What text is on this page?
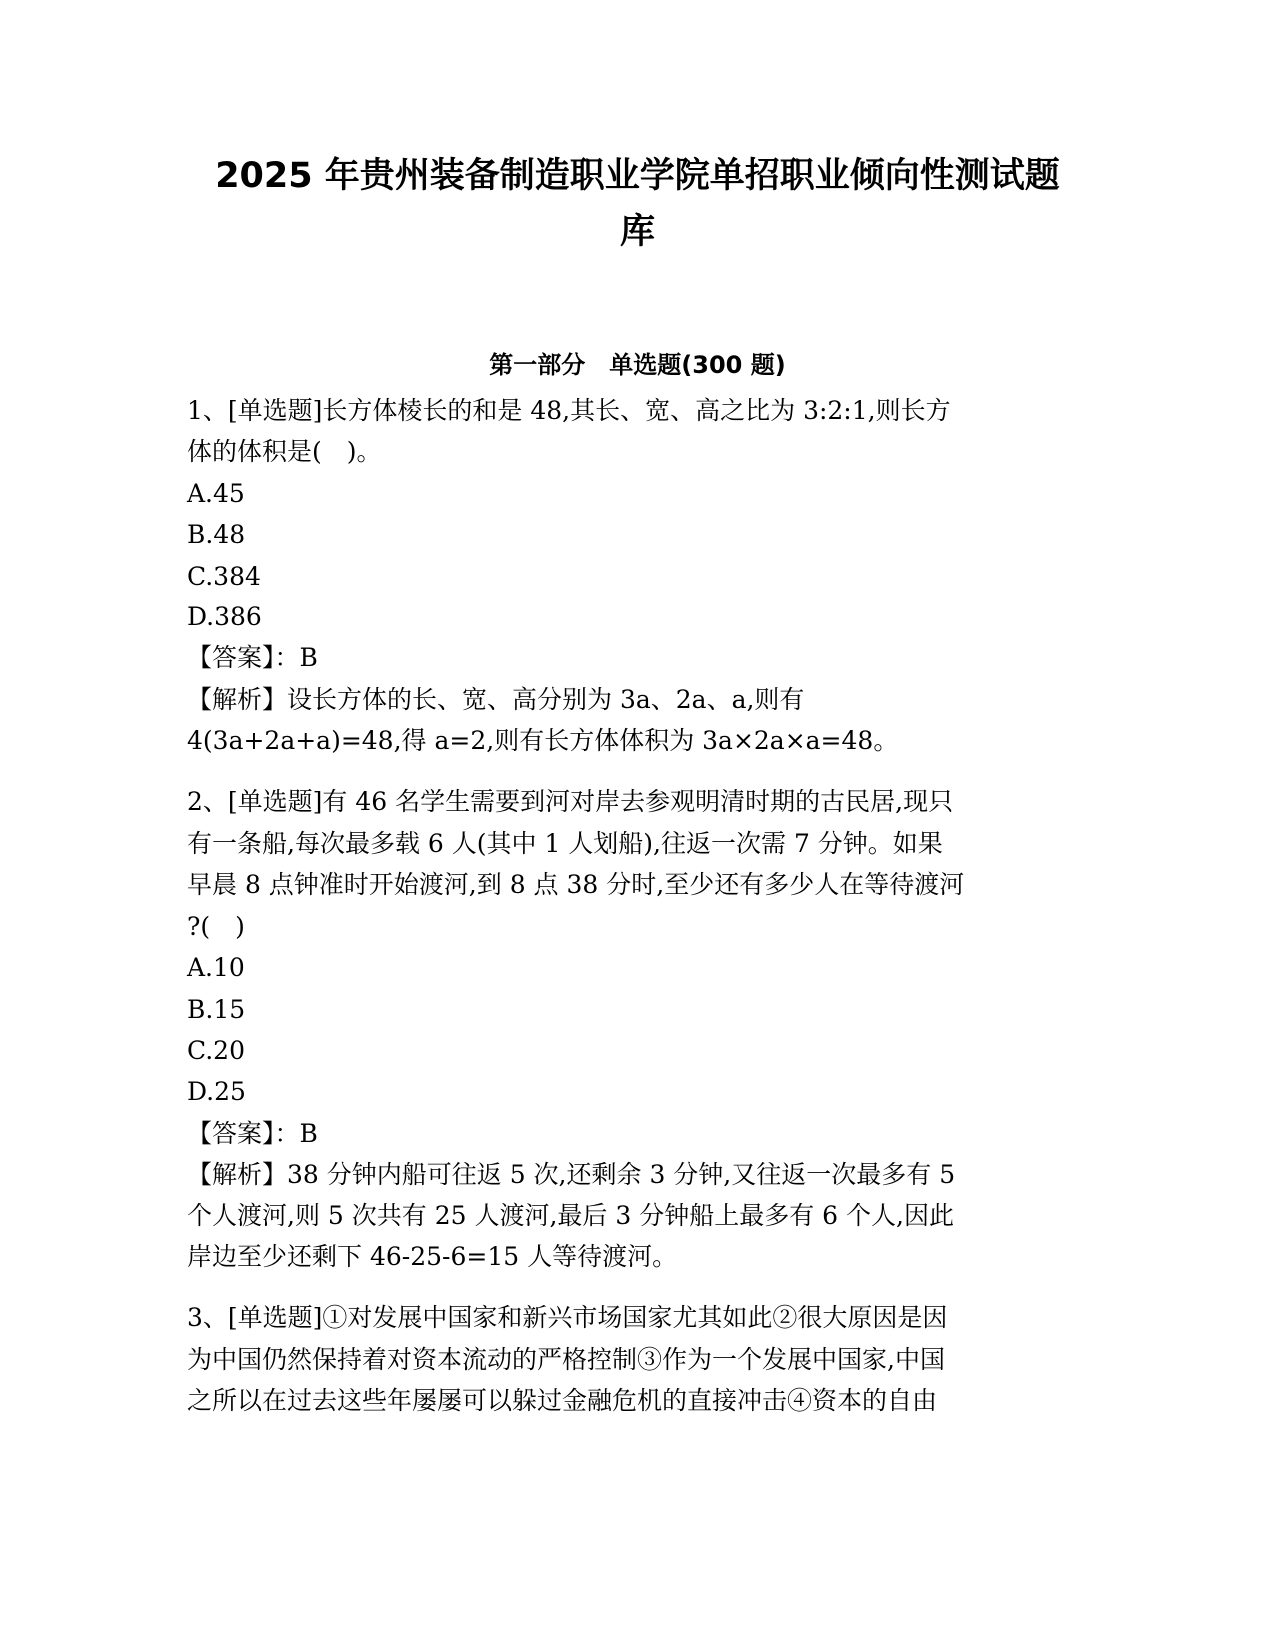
2025 年贵州装备制造职业学院单招职业倾向性测试题
库
第一部分　单选题(300 题)
1、[单选题]长方体棱长的和是 48,其长、宽、高之比为 3:2:1,则长方
体的体积是(　)。
A.45
B.48
C.384
D.386
【答案】：B
【解析】设长方体的长、宽、高分别为 3a、2a、a,则有
4(3a+2a+a)=48,得 a=2,则有长方体体积为 3a×2a×a=48。
2、[单选题]有 46 名学生需要到河对岸去参观明清时期的古民居,现只
有一条船,每次最多载 6 人(其中 1 人划船),往返一次需 7 分钟。如果
早晨 8 点钟准时开始渡河,到 8 点 38 分时,至少还有多少人在等待渡河
?(　)
A.10
B.15
C.20
D.25
【答案】：B
【解析】38 分钟内船可往返 5 次,还剩余 3 分钟,又往返一次最多有 5
个人渡河,则 5 次共有 25 人渡河,最后 3 分钟船上最多有 6 个人,因此
岸边至少还剩下 46-25-6=15 人等待渡河。
3、[单选题]①对发展中国家和新兴市场国家尤其如此②很大原因是因
为中国仍然保持着对资本流动的严格控制③作为一个发展中国家,中国
之所以在过去这些年屡屡可以躲过金融危机的直接冲击④资本的自由
